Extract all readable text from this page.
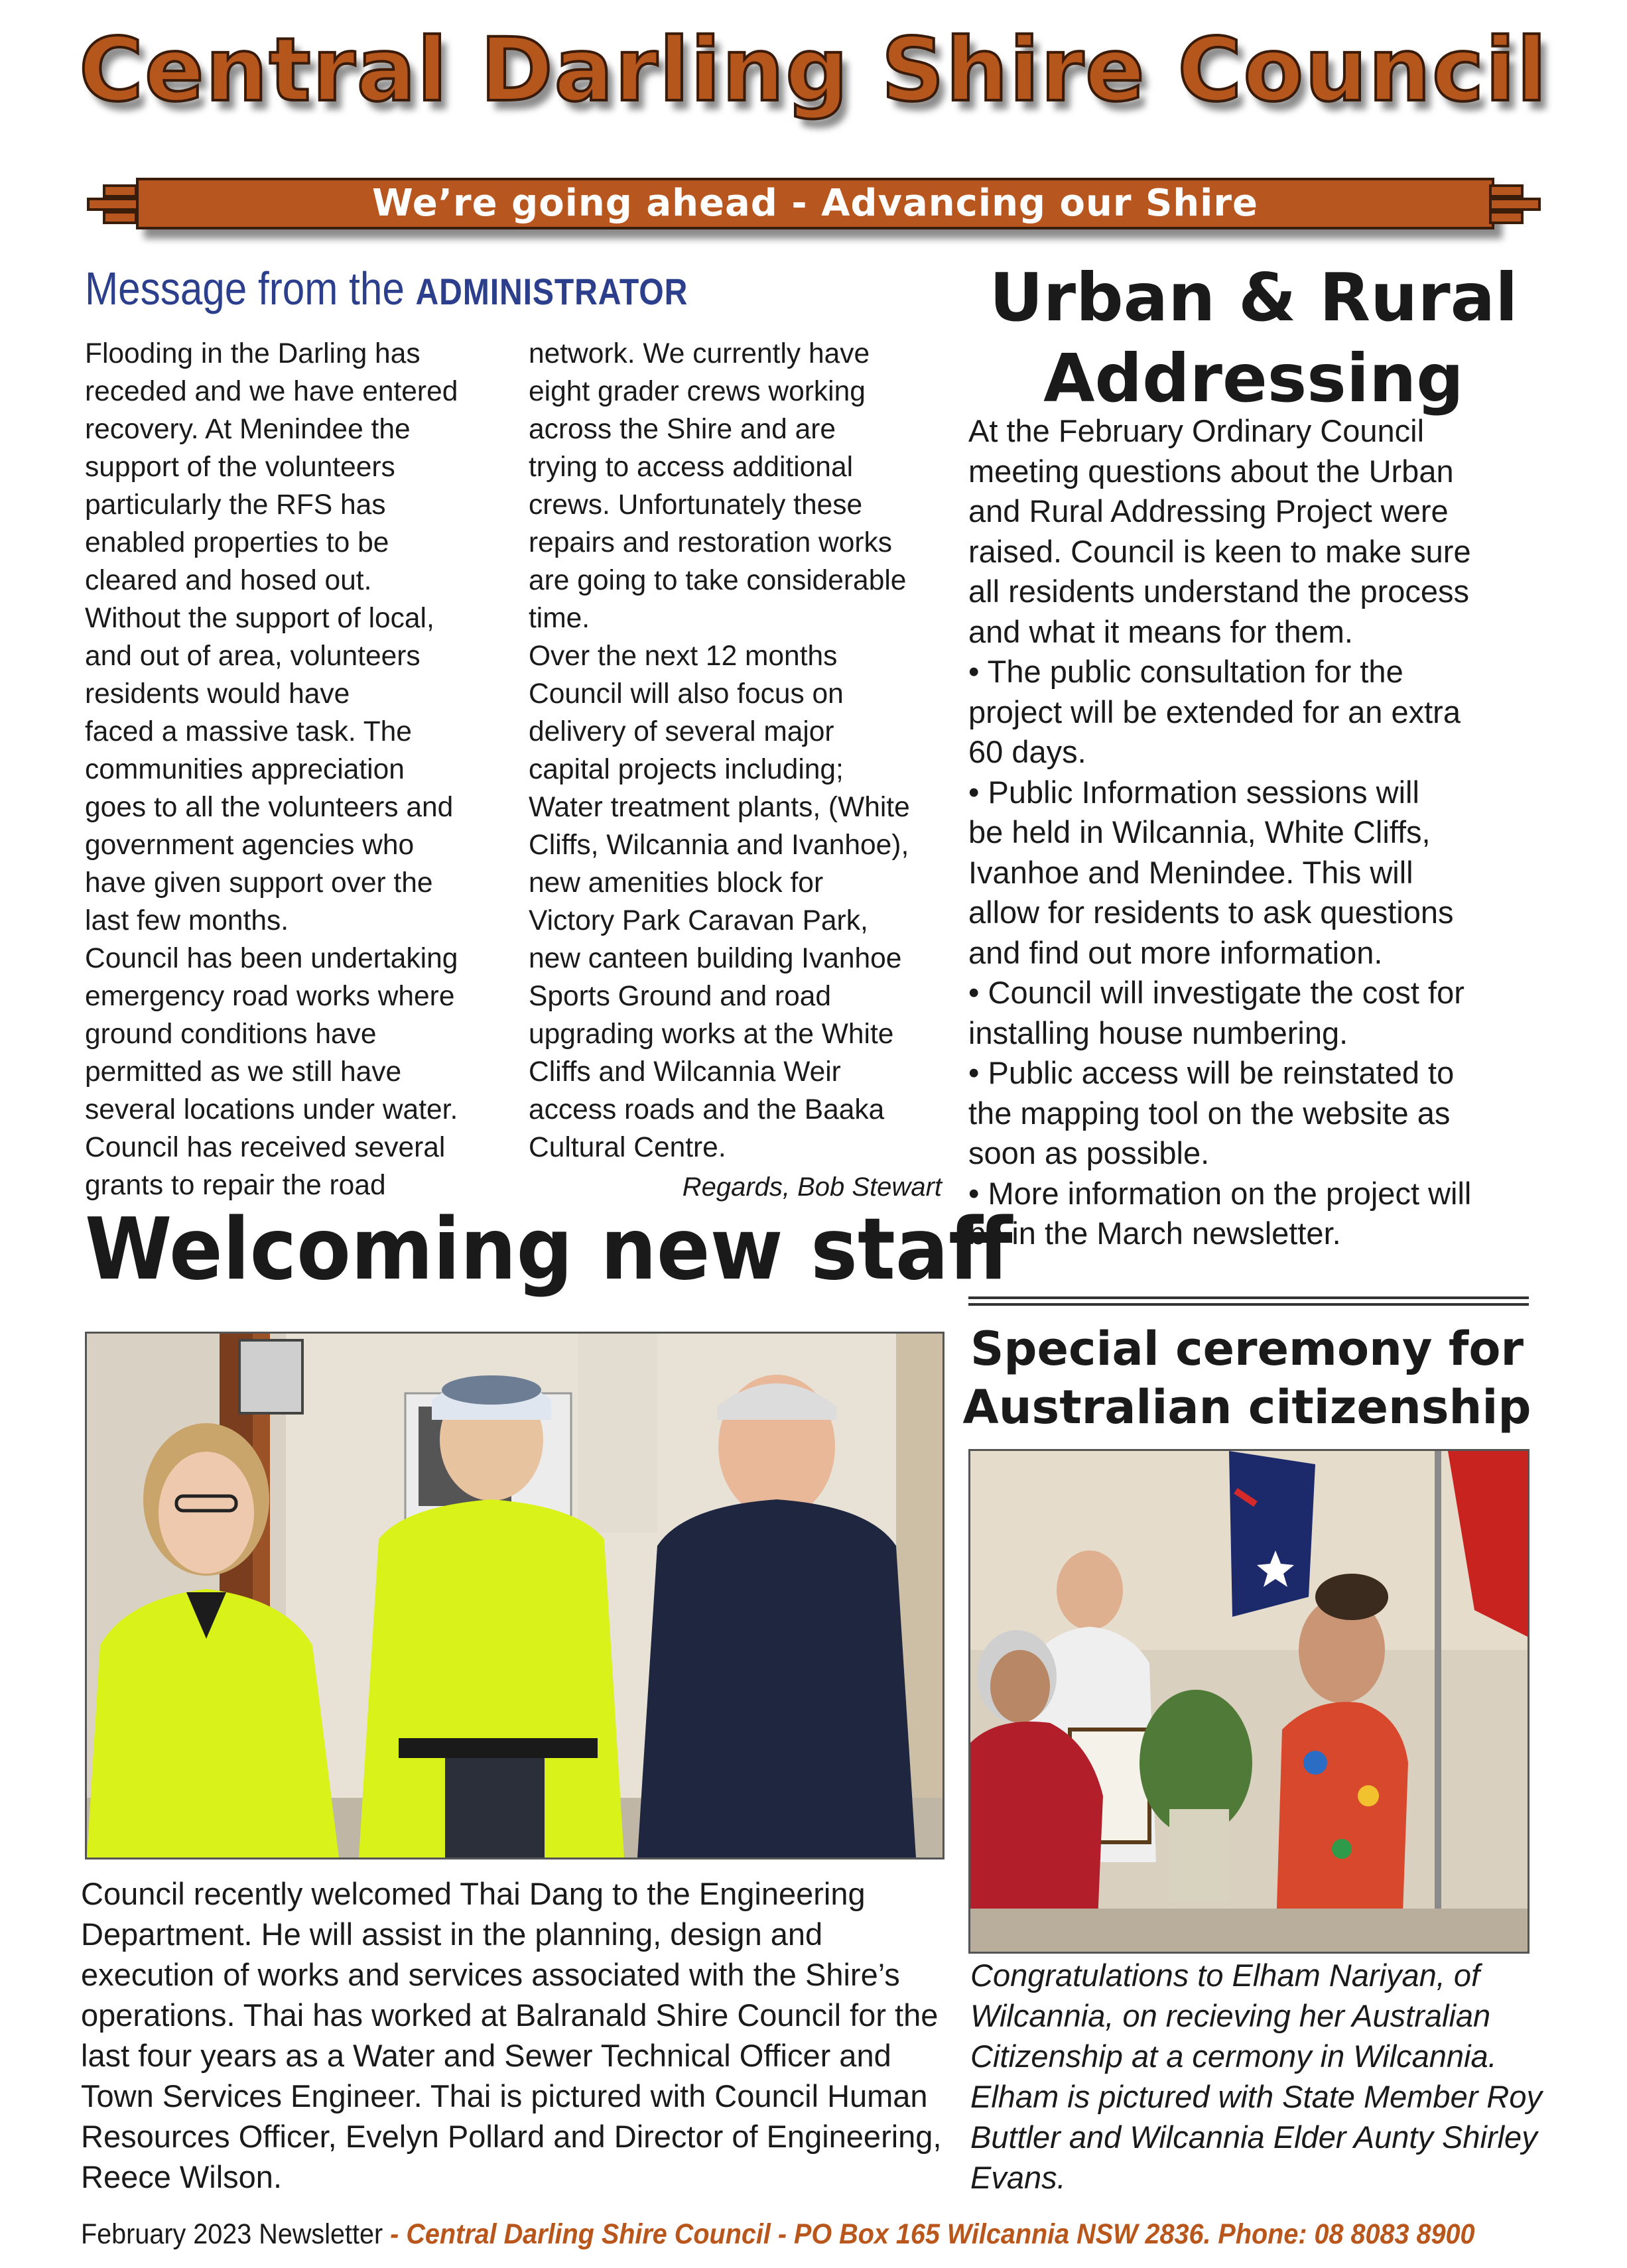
Central Darling Shire Council
We’re going ahead - Advancing our Shire
Message from the ADMINISTRATOR
Flooding in the Darling has
receded and we have entered
recovery. At Menindee the
support of the volunteers
particularly the RFS has
enabled properties to be
cleared and hosed out.
Without the support of local,
and out of area, volunteers
residents would have
faced a massive task. The
communities appreciation
goes to all the volunteers and
government agencies who
have given support over the
last few months.
Council has been undertaking
emergency road works where
ground conditions have
permitted as we still have
several locations under water.
Council has received several
grants to repair the road
network. We currently have
eight grader crews working
across the Shire and are
trying to access additional
crews. Unfortunately these
repairs and restoration works
are going to take considerable
time.
Over the next 12 months
Council will also focus on
delivery of several major
capital projects including;
Water treatment plants, (White
Cliffs, Wilcannia and Ivanhoe),
new amenities block for
Victory Park Caravan Park,
new canteen building Ivanhoe
Sports Ground and road
upgrading works at the White
Cliffs and Wilcannia Weir
access roads and the Baaka
Cultural Centre.
Regards, Bob Stewart
Urban & Rural Addressing
At the February Ordinary Council
meeting questions about the Urban
and Rural Addressing Project were
raised. Council is keen to make sure
all residents understand the process
and what it means for them.
• The public consultation for the
project will be extended for an extra
60 days.
• Public Information sessions will
be held in Wilcannia, White Cliffs,
Ivanhoe and Menindee. This will
allow for residents to ask questions
and find out more information.
• Council will investigate the cost for
installing house numbering.
• Public access will be reinstated to
the mapping tool on the website as
soon as possible.
• More information on the project will
be in the March newsletter.
Welcoming new staff
Council recently welcomed Thai Dang to the Engineering Department. He will assist in the planning, design and execution of works and services associated with the Shire’s operations. Thai has worked at Balranald Shire Council for the last four years as a Water and Sewer Technical Officer and Town Services Engineer. Thai is pictured with Council Human Resources Officer, Evelyn Pollard and Director of Engineering, Reece Wilson.
Special ceremony for Australian citizenship
Congratulations to Elham Nariyan, of Wilcannia, on recieving her Australian Citizenship at a cermony in Wilcannia. Elham is pictured with State Member Roy Buttler and Wilcannia Elder Aunty Shirley Evans.
February 2023 Newsletter - Central Darling Shire Council - PO Box 165 Wilcannia NSW 2836. Phone: 08 8083 8900
